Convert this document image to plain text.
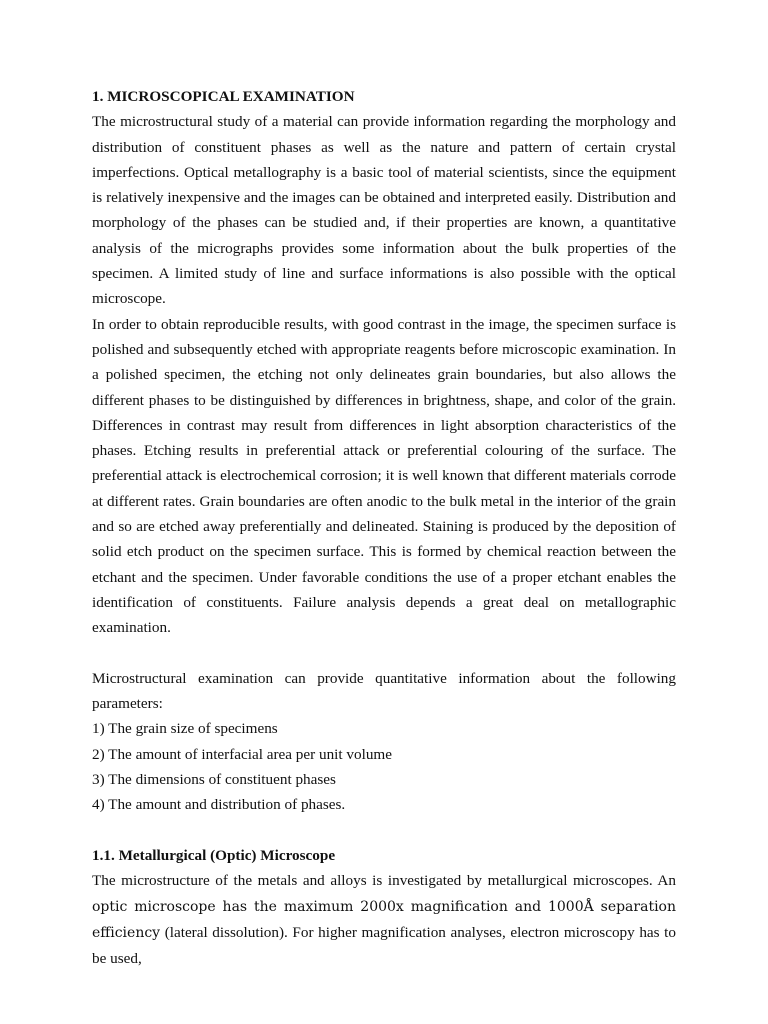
1. MICROSCOPICAL EXAMINATION

The microstructural study of a material can provide information regarding the morphology and distribution of constituent phases as well as the nature and pattern of certain crystal imperfections. Optical metallography is a basic tool of material scientists, since the equipment is relatively inexpensive and the images can be obtained and interpreted easily. Distribution and morphology of the phases can be studied and, if their properties are known, a quantitative analysis of the micrographs provides some information about the bulk properties of the specimen. A limited study of line and surface informations is also possible with the optical microscope.

In order to obtain reproducible results, with good contrast in the image, the specimen surface is polished and subsequently etched with appropriate reagents before microscopic examination. In a polished specimen, the etching not only delineates grain boundaries, but also allows the different phases to be distinguished by differences in brightness, shape, and color of the grain. Differences in contrast may result from differences in light absorption characteristics of the phases. Etching results in preferential attack or preferential colouring of the surface. The preferential attack is electrochemical corrosion; it is well known that different materials corrode at different rates. Grain boundaries are often anodic to the bulk metal in the interior of the grain and so are etched away preferentially and delineated. Staining is produced by the deposition of solid etch product on the specimen surface. This is formed by chemical reaction between the etchant and the specimen. Under favorable conditions the use of a proper etchant enables the identification of constituents. Failure analysis depends a great deal on metallographic examination.

Microstructural examination can provide quantitative information about the following parameters:

1) The grain size of specimens

2) The amount of interfacial area per unit volume

3) The dimensions of constituent phases

4) The amount and distribution of phases.

1.1. Metallurgical (Optic) Microscope

The microstructure of the metals and alloys is investigated by metallurgical microscopes. An optic microscope has the maximum 2000x magnification and 1000Å separation efficiency (lateral dissolution). For higher magnification analyses, electron microscopy has to be used,
